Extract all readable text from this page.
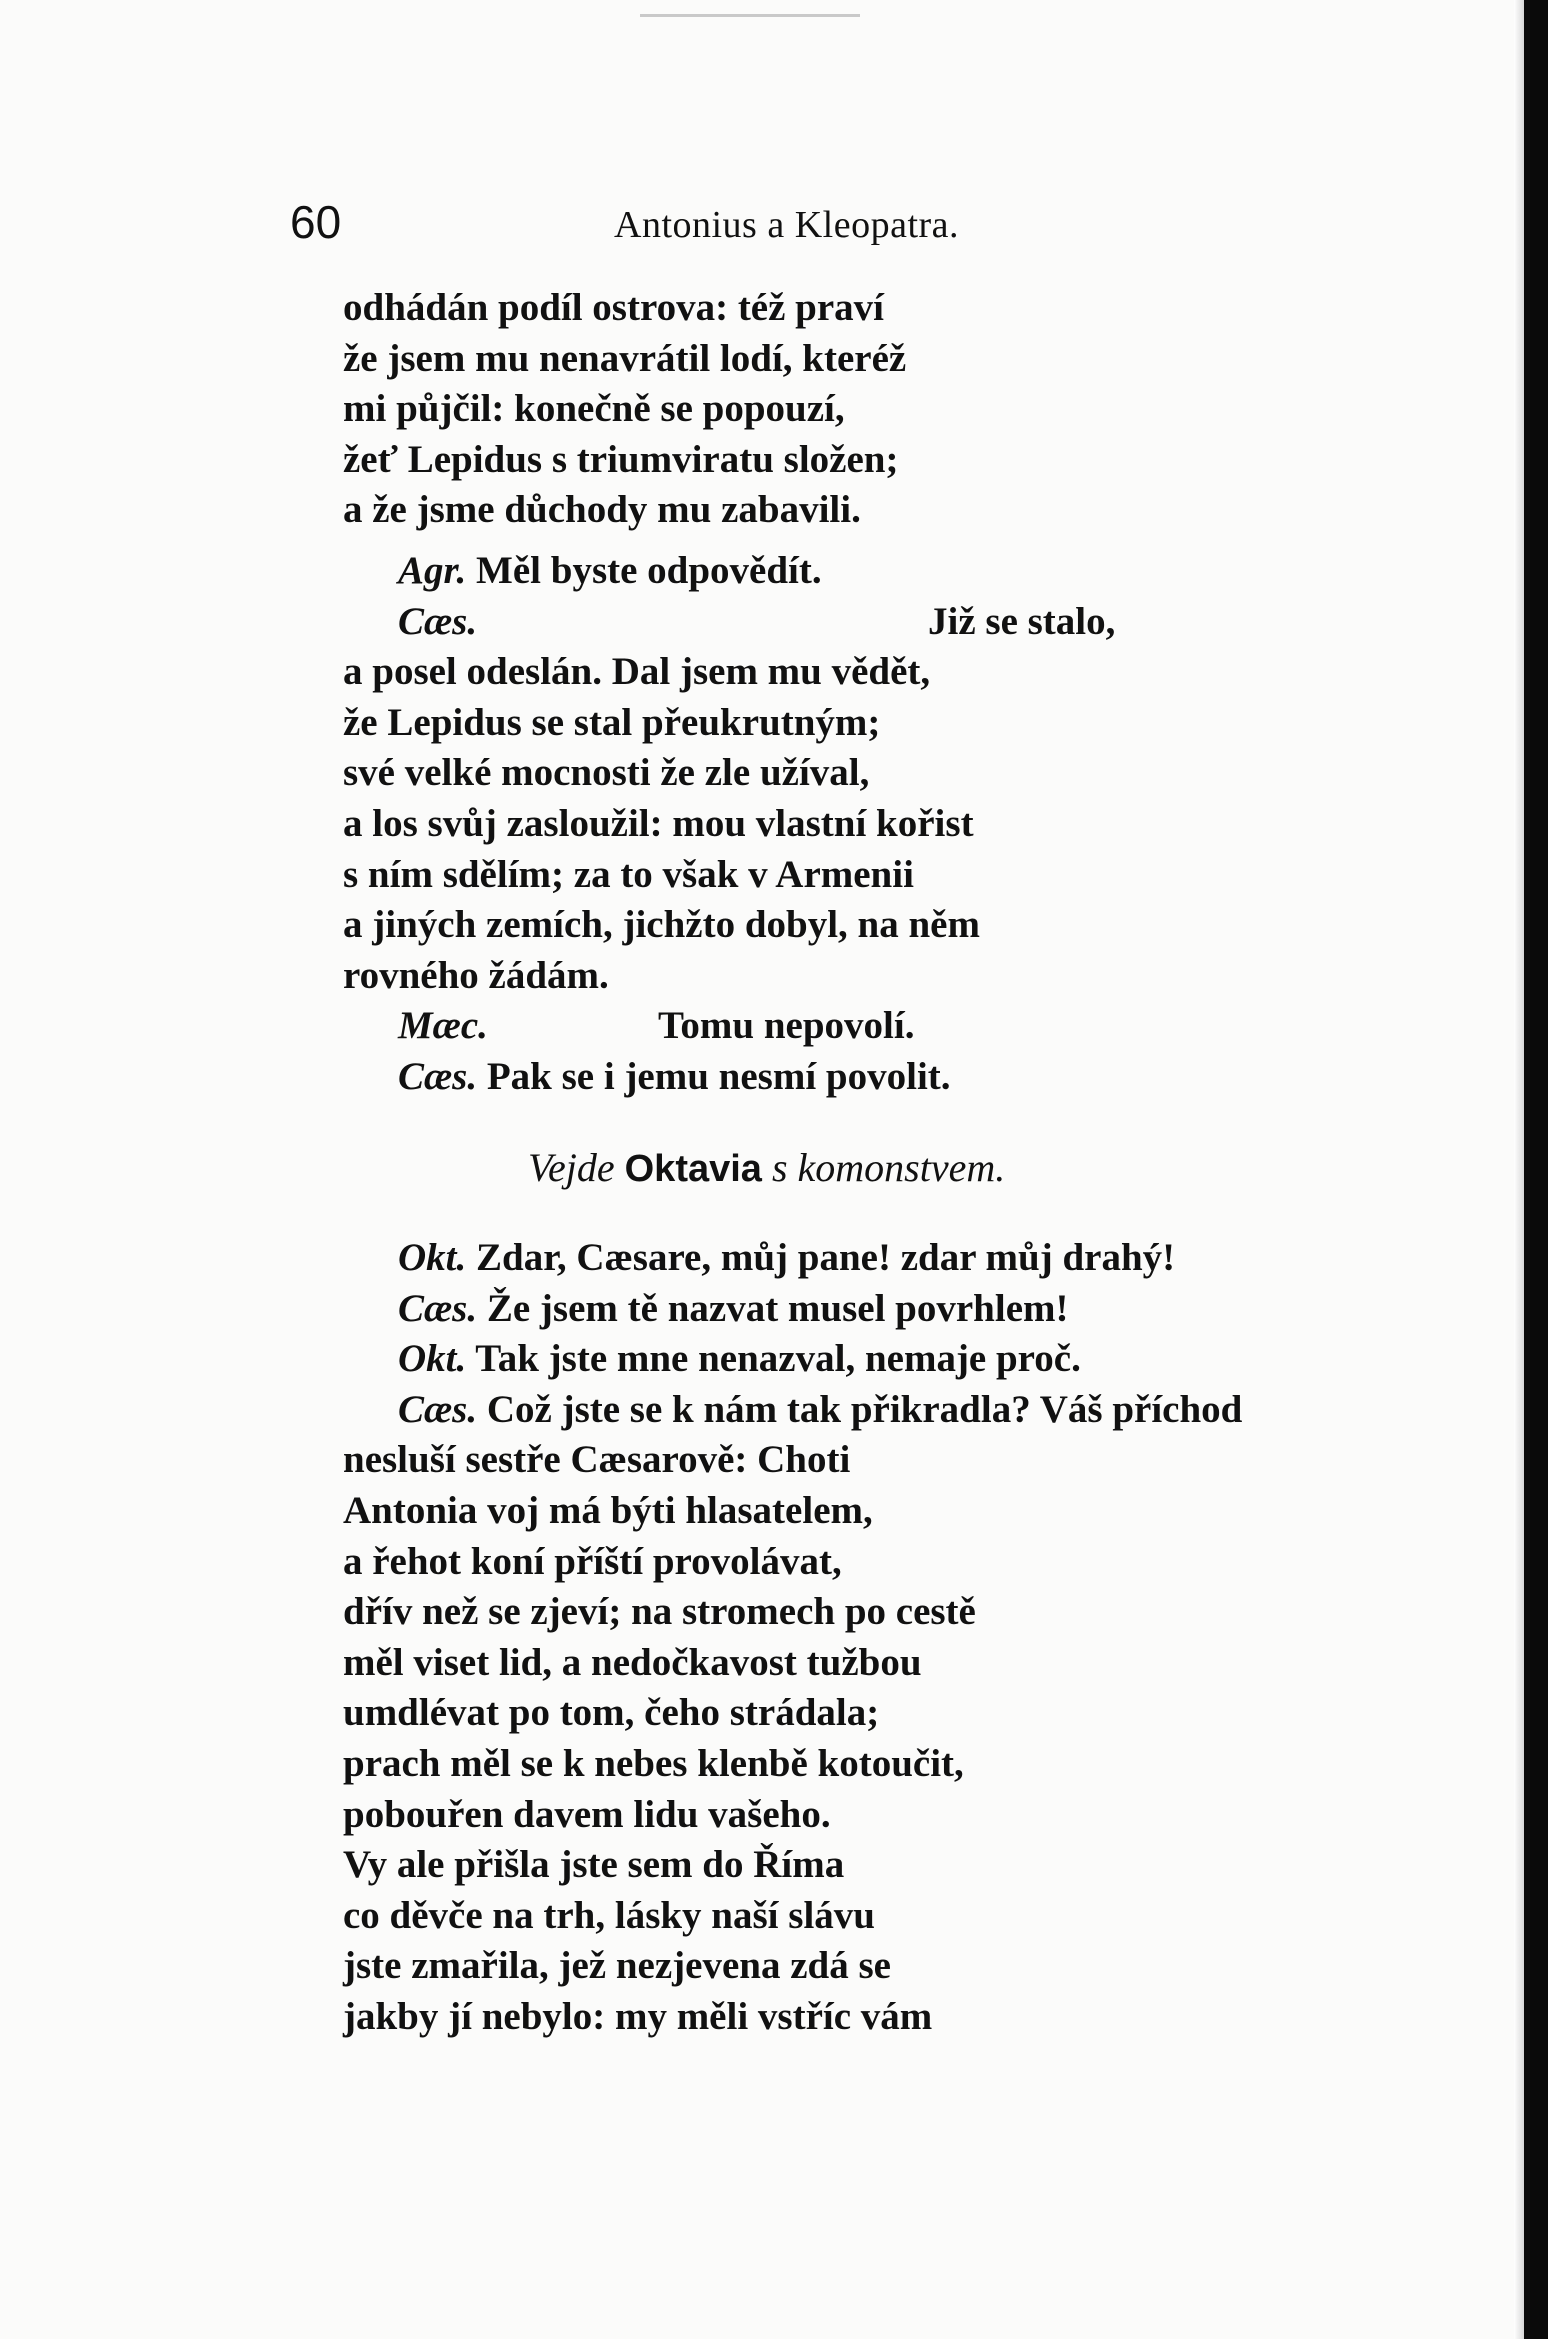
60	Antonius a Kleopatra.
odhádán podíl ostrova: též praví
že jsem mu nenavrátil lodí, kteréž
mi půjčil: konečně se popouzí,
žeť Lepidus s triumviratu složen;
a že jsme důchody mu zabavili.
Agr. Měl byste odpovědít.
Cæs.	Již se stalo,
a posel odeslán. Dal jsem mu vědět,
že Lepidus se stal přeukrutným;
své velké mocnosti že zle užíval,
a los svůj zasloužil: mou vlastní kořist
s ním sdělím; za to však v Armenii
a jiných zemích, jichžto dobyl, na něm
rovného žádám.
Mæc.	Tomu nepovolí.
Cæs. Pak se i jemu nesmí povolit.
Vejde Oktavia s komonstvem.
Okt. Zdar, Cæsare, můj pane! zdar můj drahý!
Cæs. Že jsem tě nazvat musel povrhlem!
Okt. Tak jste mne nenazval, nemaje proč.
Cæs. Což jste se k nám tak přikradla? Váš příchod
nesluší sestře Cæsarově: Choti
Antonia voj má býti hlasatelem,
a řehot koní příští provolávat,
dřív než se zjeví; na stromech po cestě
měl viset lid, a nedočkavost tužbou
umdlévat po tom, čeho strádala;
prach měl se k nebes klenbě kotoučit,
pobouřen davem lidu vašeho.
Vy ale přišla jste sem do Říma
co děvče na trh, lásky naší slávu
jste zmařila, jež nezjevena zdá se
jakby jí nebylo: my měli vstříc vám
